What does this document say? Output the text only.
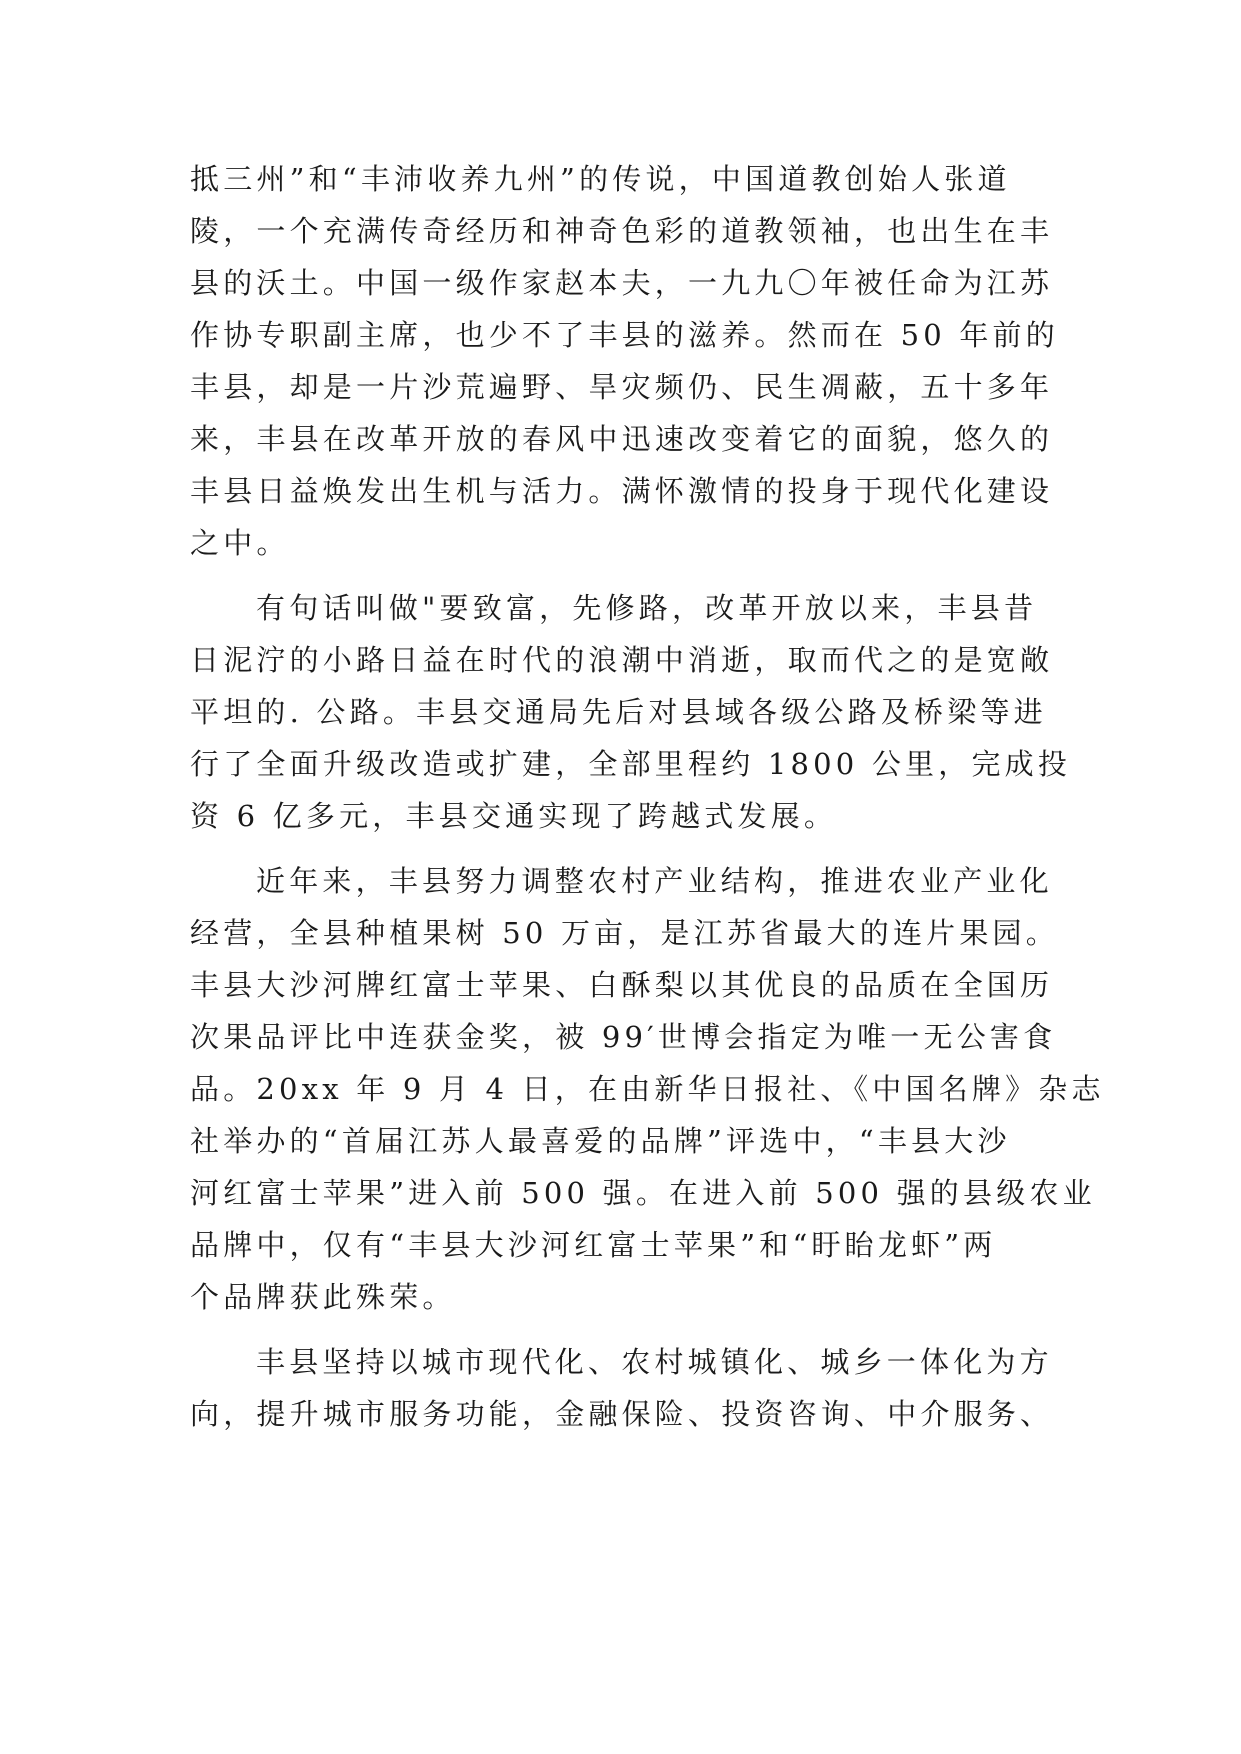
抵三州”和“丰沛收养九州”的传说，中国道教创始人张道
陵，一个充满传奇经历和神奇色彩的道教领袖，也出生在丰
县的沃土。中国一级作家赵本夫，一九九〇年被任命为江苏
作协专职副主席，也少不了丰县的滋养。然而在 50 年前的
丰县，却是一片沙荒遍野、旱灾频仍、民生凋蔽，五十多年
来，丰县在改革开放的春风中迅速改变着它的面貌，悠久的
丰县日益焕发出生机与活力。满怀激情的投身于现代化建设
之中。
有句话叫做"要致富，先修路，改革开放以来，丰县昔
日泥泞的小路日益在时代的浪潮中消逝，取而代之的是宽敞
平坦的. 公路。丰县交通局先后对县域各级公路及桥梁等进
行了全面升级改造或扩建，全部里程约 1800 公里，完成投
资 6 亿多元，丰县交通实现了跨越式发展。
近年来，丰县努力调整农村产业结构，推进农业产业化
经营，全县种植果树 50 万亩，是江苏省最大的连片果园。
丰县大沙河牌红富士苹果、白酥梨以其优良的品质在全国历
次果品评比中连获金奖，被 99′世博会指定为唯一无公害食
品。20xx 年 9 月 4 日，在由新华日报社、《中国名牌》杂志
社举办的“首届江苏人最喜爱的品牌”评选中，“丰县大沙
河红富士苹果”进入前 500 强。在进入前 500 强的县级农业
品牌中，仅有“丰县大沙河红富士苹果”和“盱眙龙虾”两
个品牌获此殊荣。
丰县坚持以城市现代化、农村城镇化、城乡一体化为方
向，提升城市服务功能，金融保险、投资咨询、中介服务、
